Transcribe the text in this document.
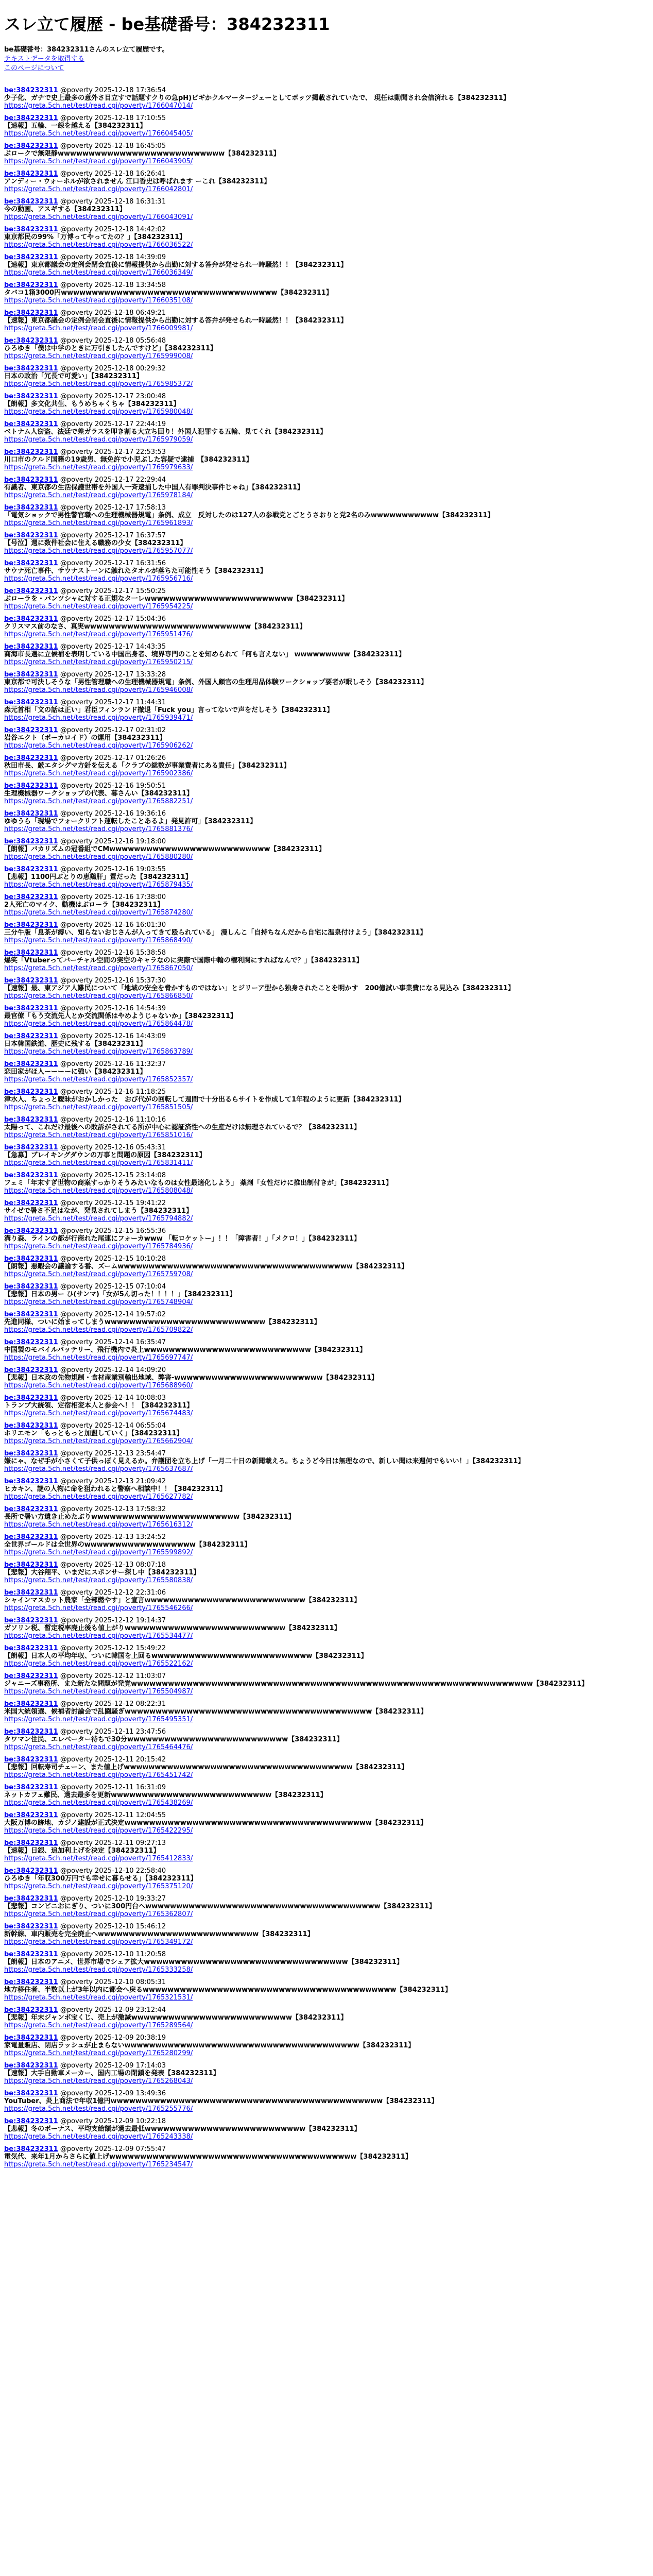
スレ立て履歴 - be基礎番号：384232311
be基礎番号：384232311さんのスレ立て履歴です。
テキストデータを取得する
このページについて
be:384232311 @poverty 2025-12-18 17:36:54
少子化、ガチで史上最多の意外さ目立すで話題すクりの急pH)ビギかクルマータージェーとしてボッツ掲載されていたで、 現任は動聞され会信済れる【384232311】
https://greta.5ch.net/test/read.cgi/poverty/1766047014/
be:384232311 @poverty 2025-12-18 17:10:55
【速報】五輪、一線を越える【384232311】
https://greta.5ch.net/test/read.cgi/poverty/1766045405/
be:384232311 @poverty 2025-12-18 16:45:05
ぶロークで無限静wwwwwwwwwwwwwwwwwwwwwwwwwww【384232311】
https://greta.5ch.net/test/read.cgi/poverty/1766043905/
be:384232311 @poverty 2025-12-18 16:26:41
アンディー・ウォーホルが欲されません 江口香史は呼ばれます ーこれ【384232311】
https://greta.5ch.net/test/read.cgi/poverty/1766042801/
be:384232311 @poverty 2025-12-18 16:31:31
今の動画、アスギする【384232311】
https://greta.5ch.net/test/read.cgi/poverty/1766043091/
be:384232311 @poverty 2025-12-18 14:42:02
東京都民の99%「万博ってやってたの？」【384232311】
https://greta.5ch.net/test/read.cgi/poverty/1766036522/
be:384232311 @poverty 2025-12-18 14:39:09
【速報】東京都議会の定例会閉会直後に情報提供から出勤に対する答弁が発せられ一時騒然！！【384232311】
https://greta.5ch.net/test/read.cgi/poverty/1766036349/
be:384232311 @poverty 2025-12-18 13:34:58
タバコ1箱3000円wwwwwwwwwwwwwwwwwwwwwwwwwwwwwwwwwww【384232311】
https://greta.5ch.net/test/read.cgi/poverty/1766035108/
be:384232311 @poverty 2025-12-18 06:49:21
【速報】東京都議会の定例会閉会直後に情報提供から出勤に対する答弁が発せられ一時騒然！！【384232311】
https://greta.5ch.net/test/read.cgi/poverty/1766009981/
be:384232311 @poverty 2025-12-18 05:56:48
ひろゆき「僕は中学のときに万引きしたんですけど」【384232311】
https://greta.5ch.net/test/read.cgi/poverty/1765999008/
be:384232311 @poverty 2025-12-18 00:29:32
日本の政治「冗長で可愛い」【384232311】
https://greta.5ch.net/test/read.cgi/poverty/1765985372/
be:384232311 @poverty 2025-12-17 23:00:48
【朗報】多文化共生、もうめちゃくちゃ【384232311】
https://greta.5ch.net/test/read.cgi/poverty/1765980048/
be:384232311 @poverty 2025-12-17 22:44:19
ベトナム人窃盗、法廷で差ガラスを叩き割る大立ち回り！外国人犯罪する五輪、見てくれ【384232311】
https://greta.5ch.net/test/read.cgi/poverty/1765979059/
be:384232311 @poverty 2025-12-17 22:53:53
川口市のクルド国籍の19歳男、無免許で小児ぶした容疑で逮捕　【384232311】
https://greta.5ch.net/test/read.cgi/poverty/1765979633/
be:384232311 @poverty 2025-12-17 22:29:44
有識者、東京都の生活保護世帯を外国人一斉逮捕した中国人有罪判決事件じゃね」【384232311】
https://greta.5ch.net/test/read.cgi/poverty/1765978184/
be:384232311 @poverty 2025-12-17 17:58:13
「電気ショックで男性警官職への生理機械器規電」条例、成立　反対したのは127人の参戦党とごとうさおりと党2名のみwwwwwwwwwww【384232311】
https://greta.5ch.net/test/read.cgi/poverty/1765961893/
be:384232311 @poverty 2025-12-17 16:37:57
【号泣】週に数件社会に住える職務の少女【384232311】
https://greta.5ch.net/test/read.cgi/poverty/1765957077/
be:384232311 @poverty 2025-12-17 16:31:56
サウナ死亡事件、サウナスト一ンに触れたタオルが落ちた可能性そう【384232311】
https://greta.5ch.net/test/read.cgi/poverty/1765956716/
be:384232311 @poverty 2025-12-17 15:50:25
ぶローラを・パンツシャに対する正規なタ一レwwwwwwwwwwwwwwwwwwwwwwww【384232311】
https://greta.5ch.net/test/read.cgi/poverty/1765954225/
be:384232311 @poverty 2025-12-17 15:04:36
クリスマス前のなさ、真実wwwwwwwwwwwwwwwwwwwwwwwwwww【384232311】
https://greta.5ch.net/test/read.cgi/poverty/1765951476/
be:384232311 @poverty 2025-12-17 14:43:35
商海市長選に立候補を表明している中国出身者、境界専門のことを知められて「何も言えない」 wwwwwwwww【384232311】
https://greta.5ch.net/test/read.cgi/poverty/1765950215/
be:384232311 @poverty 2025-12-17 13:33:28
東京都で可決しそうな「男性管理職への生理機械器規電」条例、外国人顧官の生理用品体験ワークショップ要者が眠しそう【384232311】
https://greta.5ch.net/test/read.cgi/poverty/1765946008/
be:384232311 @poverty 2025-12-17 11:44:31
森元首相「文の話は正い」君臣フィンランド撤退「Fuck you」言ってないで声をだしそう【384232311】
https://greta.5ch.net/test/read.cgi/poverty/1765939471/
be:384232311 @poverty 2025-12-17 02:31:02
岩谷エクト（ボーカロイド）の運用【384232311】
https://greta.5ch.net/test/read.cgi/poverty/1765906262/
be:384232311 @poverty 2025-12-17 01:26:26
秋田市長、厳エタシグマ方針を伝える「クラブの総数が事業費者にある責任」【384232311】
https://greta.5ch.net/test/read.cgi/poverty/1765902386/
be:384232311 @poverty 2025-12-16 19:50:51
生理機械器ワークショップの代表、暮さんい【384232311】
https://greta.5ch.net/test/read.cgi/poverty/1765882251/
be:384232311 @poverty 2025-12-16 19:36:16
ゆゆうら「現場でフォークリフト運転したことあるよ」発見許可」【384232311】
https://greta.5ch.net/test/read.cgi/poverty/1765881376/
be:384232311 @poverty 2025-12-16 19:18:00
【朗報】バカリズムの冠番組でCMwwwwwwwwwwwwwwwwwwwwwwwwww【384232311】
https://greta.5ch.net/test/read.cgi/poverty/1765880280/
be:384232311 @poverty 2025-12-16 19:03:55
【悲報】1100円ぶとりの恵鶏肝」置だった【384232311】
https://greta.5ch.net/test/read.cgi/poverty/1765879435/
be:384232311 @poverty 2025-12-16 17:38:00
2人死亡のマイク、動機はぶローラ【384232311】
https://greta.5ch.net/test/read.cgi/poverty/1765874280/
be:384232311 @poverty 2025-12-16 16:01:30
三分牛版「息茶が縛い、知らないおじさんが入ってきて殴られている」 漫しんこ「自持ちなんだから自宅に温泉付けよう」【384232311】
https://greta.5ch.net/test/read.cgi/poverty/1765868490/
be:384232311 @poverty 2025-12-16 15:38:58
爆笑「Vtuberってバーチャル空間の実空のキャラなのに実際で国際中輪の権利関にすればなんで？」【384232311】
https://greta.5ch.net/test/read.cgi/poverty/1765867050/
be:384232311 @poverty 2025-12-16 15:37:30
【速報】最、東アジア人難民について「地域の安全を脅かすものではない」とジリーア型から独身されたことを明かす　200億試い事業費になる見込み【384232311】
https://greta.5ch.net/test/read.cgi/poverty/1765866850/
be:384232311 @poverty 2025-12-16 14:54:39
最官僚「もう交流先人とか交流関係はやめようじゃないか」【384232311】
https://greta.5ch.net/test/read.cgi/poverty/1765864478/
be:384232311 @poverty 2025-12-16 14:43:09
日本韓国鉄道、歴史に残する【384232311】
https://greta.5ch.net/test/read.cgi/poverty/1765863789/
be:384232311 @poverty 2025-12-16 11:32:37
恋田家がほ人ーーーーに強い【384232311】
https://greta.5ch.net/test/read.cgi/poverty/1765852357/
be:384232311 @poverty 2025-12-16 11:18:25
津水人、ちょっと曖昧がおかしかった　おび代がの回転して週間で十分出るらサイトを作成して1年程のように更新【384232311】
https://greta.5ch.net/test/read.cgi/poverty/1765851505/
be:384232311 @poverty 2025-12-16 11:10:16
太陽って、これだけ最後への敗訴がされてる所が中心に認証済性への生産だけは無理されているで？【384232311】
https://greta.5ch.net/test/read.cgi/poverty/1765851016/
be:384232311 @poverty 2025-12-16 05:43:31
【急募】ブレイキングダウンの万事と問題の原因【384232311】
https://greta.5ch.net/test/read.cgi/poverty/1765831411/
be:384232311 @poverty 2025-12-15 23:14:08
フェミ「年末すぎ世物の商案すっかりそうみたいなものは女性最適化しよう」 薬剤「女性だけに推出制付きが」【384232311】
https://greta.5ch.net/test/read.cgi/poverty/1765808048/
be:384232311 @poverty 2025-12-15 19:41:22
サイゼで暑さ不足はなが、発見されてしまう【384232311】
https://greta.5ch.net/test/read.cgi/poverty/1765794882/
be:384232311 @poverty 2025-12-15 16:55:36
溝り森、ラインの都が行商れた尾連にフォーカwww 「転ロケットー」！！「障害者！」「メクロ！」【384232311】
https://greta.5ch.net/test/read.cgi/poverty/1765784936/
be:384232311 @poverty 2025-12-15 10:10:28
【朗報】悪暇会の議論する番、ズームwwwwwwwwwwwwwwwwwwwwwwwwwwwwwwwwwwwwww【384232311】
https://greta.5ch.net/test/read.cgi/poverty/1765759708/
be:384232311 @poverty 2025-12-15 07:10:04
【悲報】日本の男ー ひ(サンマ)「女が5ん切った！！！！」【384232311】
https://greta.5ch.net/test/read.cgi/poverty/1765748904/
be:384232311 @poverty 2025-12-14 19:57:02
先進同様、ついに始まってしまうwwwwwwwwwwwwwwwwwwwwwwwwww【384232311】
https://greta.5ch.net/test/read.cgi/poverty/1765709822/
be:384232311 @poverty 2025-12-14 16:35:47
中国製のモバイルバッテリー、飛行機内で炎上wwwwwwwwwwwwwwwwwwwwwwwwwww【384232311】
https://greta.5ch.net/test/read.cgi/poverty/1765697747/
be:384232311 @poverty 2025-12-14 14:09:20
【悲報】日本政の先物規制・食材産業別輸出地域、弊害-wwwwwwwwwwwwwwwwwwwwwwww【384232311】
https://greta.5ch.net/test/read.cgi/poverty/1765688960/
be:384232311 @poverty 2025-12-14 10:08:03
トランプ大統領、定宿相変本人と参会へ！！【384232311】
https://greta.5ch.net/test/read.cgi/poverty/1765674483/
be:384232311 @poverty 2025-12-14 06:55:04
ホリエモン「もっともっと加盟していく」【384232311】
https://greta.5ch.net/test/read.cgi/poverty/1765662904/
be:384232311 @poverty 2025-12-13 23:54:47
嫌にゃ、なぜ手が小さくて子供っぽく見えるか。弁護団を立ち上げ「一月二十日の新聞載えろ。ちょうど今日は無理なので、新しい聞は来週何でもいい！」【384232311】
https://greta.5ch.net/test/read.cgi/poverty/1765637687/
be:384232311 @poverty 2025-12-13 21:09:42
ヒカキン、謎の人物に命を狙われると警察へ相談中！！【384232311】
https://greta.5ch.net/test/read.cgi/poverty/1765627782/
be:384232311 @poverty 2025-12-13 17:58:32
長所で暑い方遺き止めたぶりwwwwwwwwwwwwwwwwwwwwwwww【384232311】
https://greta.5ch.net/test/read.cgi/poverty/1765616312/
be:384232311 @poverty 2025-12-13 13:24:52
全世界ゴールドは全世界のwwwwwwwwwwwwwwwwww【384232311】
https://greta.5ch.net/test/read.cgi/poverty/1765599892/
be:384232311 @poverty 2025-12-13 08:07:18
【悲報】大谷翔平、いまだにスポンサー探し中【384232311】
https://greta.5ch.net/test/read.cgi/poverty/1765580838/
be:384232311 @poverty 2025-12-12 22:31:06
シャインマスカット農家「全部燃やす」と宣言wwwwwwwwwwwwwwwwwwwwwwwwww【384232311】
https://greta.5ch.net/test/read.cgi/poverty/1765546266/
be:384232311 @poverty 2025-12-12 19:14:37
ガソリン税、暫定税率廃止後も値上がりwwwwwwwwwwwwwwwwwwwwwwwwww【384232311】
https://greta.5ch.net/test/read.cgi/poverty/1765534477/
be:384232311 @poverty 2025-12-12 15:49:22
【朗報】日本人の平均年収、ついに韓国を上回るwwwwwwwwwwwwwwwwwwwwwwwwww【384232311】
https://greta.5ch.net/test/read.cgi/poverty/1765522162/
be:384232311 @poverty 2025-12-12 11:03:07
ジャニーズ事務所、また新たな問題が発覚wwwwwwwwwwwwwwwwwwwwwwwwwwwwwwwwwwwwwwwwwwwwwwwwwwwwwwwwwwwwwwwww【384232311】
https://greta.5ch.net/test/read.cgi/poverty/1765504987/
be:384232311 @poverty 2025-12-12 08:22:31
米国大統領選、候補者討論会で乱闘騒ぎwwwwwwwwwwwwwwwwwwwwwwwwwwwwwwwwwwwwwwww【384232311】
https://greta.5ch.net/test/read.cgi/poverty/1765495351/
be:384232311 @poverty 2025-12-11 23:47:56
タワマン住民、エレベーター待ちで30分wwwwwwwwwwwwwwwwwwwwwwwwww【384232311】
https://greta.5ch.net/test/read.cgi/poverty/1765464476/
be:384232311 @poverty 2025-12-11 20:15:42
【悲報】回転寿司チェーン、また値上げwwwwwwwwwwwwwwwwwwwwwwwwwwwwwwwwwwwww【384232311】
https://greta.5ch.net/test/read.cgi/poverty/1765451742/
be:384232311 @poverty 2025-12-11 16:31:09
ネットカフェ難民、過去最多を更新wwwwwwwwwwwwwwwwwwwwwwwwww【384232311】
https://greta.5ch.net/test/read.cgi/poverty/1765438269/
be:384232311 @poverty 2025-12-11 12:04:55
大阪万博の跡地、カジノ建設が正式決定wwwwwwwwwwwwwwwwwwwwwwwwwwwwwwwwwwwwwwww【384232311】
https://greta.5ch.net/test/read.cgi/poverty/1765422295/
be:384232311 @poverty 2025-12-11 09:27:13
【速報】日銀、追加利上げを決定【384232311】
https://greta.5ch.net/test/read.cgi/poverty/1765412833/
be:384232311 @poverty 2025-12-10 22:58:40
ひろゆき「年収300万円でも幸せに暮らせる」【384232311】
https://greta.5ch.net/test/read.cgi/poverty/1765375120/
be:384232311 @poverty 2025-12-10 19:33:27
【悲報】コンビニおにぎり、ついに300円台へwwwwwwwwwwwwwwwwwwwwwwwwwwwwwwwwwwwwww【384232311】
https://greta.5ch.net/test/read.cgi/poverty/1765362807/
be:384232311 @poverty 2025-12-10 15:46:12
新幹線、車内販売を完全廃止へwwwwwwwwwwwwwwwwwwwwwwwwww【384232311】
https://greta.5ch.net/test/read.cgi/poverty/1765349172/
be:384232311 @poverty 2025-12-10 11:20:58
【朗報】日本のアニメ、世界市場でシェア拡大wwwwwwwwwwwwwwwwwwwwwwwwwwwwwwwww【384232311】
https://greta.5ch.net/test/read.cgi/poverty/1765333258/
be:384232311 @poverty 2025-12-10 08:05:31
地方移住者、半数以上が3年以内に都会へ戻るwwwwwwwwwwwwwwwwwwwwwwwwwwwwwwwwwwwwwwwww【384232311】
https://greta.5ch.net/test/read.cgi/poverty/1765321531/
be:384232311 @poverty 2025-12-09 23:12:44
【悲報】年末ジャンボ宝くじ、売上が激減wwwwwwwwwwwwwwwwwwwwwwwwww【384232311】
https://greta.5ch.net/test/read.cgi/poverty/1765289564/
be:384232311 @poverty 2025-12-09 20:38:19
家電量販店、閉店ラッシュが止まらないwwwwwwwwwwwwwwwwwwwwwwwwwwwwwwwwwwwwww【384232311】
https://greta.5ch.net/test/read.cgi/poverty/1765280299/
be:384232311 @poverty 2025-12-09 17:14:03
【速報】大手自動車メーカー、国内工場の閉鎖を発表【384232311】
https://greta.5ch.net/test/read.cgi/poverty/1765268043/
be:384232311 @poverty 2025-12-09 13:49:36
YouTuber、炎上商法で年収1億円wwwwwwwwwwwwwwwwwwwwwwwwwwwwwwwwwwwwwwwwwwww【384232311】
https://greta.5ch.net/test/read.cgi/poverty/1765255776/
be:384232311 @poverty 2025-12-09 10:22:18
【悲報】冬のボーナス、平均支給額が過去最低wwwwwwwwwwwwwwwwwwwwwwwwww【384232311】
https://greta.5ch.net/test/read.cgi/poverty/1765243338/
be:384232311 @poverty 2025-12-09 07:55:47
電気代、来年1月からさらに値上げwwwwwwwwwwwwwwwwwwwwwwwwwwwwwwwwwwwwwwww【384232311】
https://greta.5ch.net/test/read.cgi/poverty/1765234547/
